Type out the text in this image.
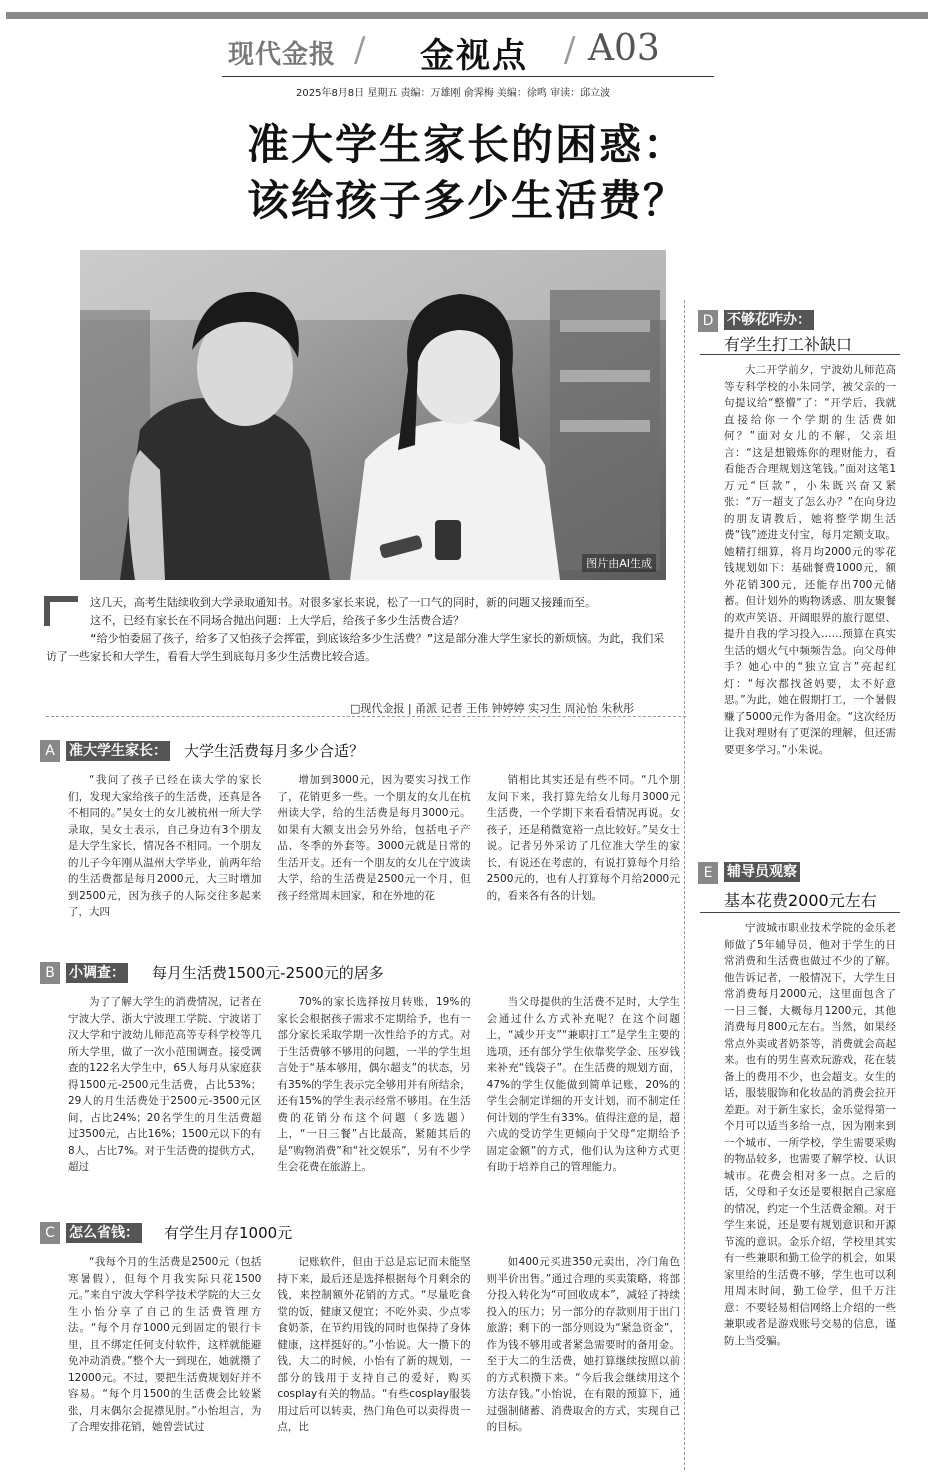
现代金报 / 金视点 / A03
2025年8月8日 星期五 责编：万雄刚 俞霁梅 美编：徐鸣 审读：邱立波
准大学生家长的困惑：
该给孩子多少生活费？
图片由AI生成

这几天，高考生陆续收到大学录取通知书。对很多家长来说，松了一口气的同时，新的问题又接踵而至。

这不，已经有家长在不同场合抛出问题：上大学后，给孩子多少生活费合适？

“给少怕委屈了孩子，给多了又怕孩子会挥霍，到底该给多少生活费？”这是部分准大学生家长的新烦恼。为此，我们采访了一些家长和大学生，看看大学生到底每月多少生活费比较合适。

□现代金报 | 甬派 记者 王伟 钟婷婷 实习生 周沁怡 朱秋彤
A	准大学生家长： 大学生活费每月多少合适？

“我问了孩子已经在读大学的家长们，发现大家给孩子的生活费，还真是各不相同的。”吴女士的女儿被杭州一所大学录取，吴女士表示，自己身边有3个朋友是大学生家长，情况各不相同。一个朋友的儿子今年刚从温州大学毕业，前两年给的生活费都是每月2000元，大三时增加到2500元，因为孩子的人际交往多起来了，大四

增加到3000元，因为要实习找工作了，花销更多一些。一个朋友的女儿在杭州读大学，给的生活费是每月3000元。如果有大额支出会另外给，包括电子产品、冬季的外套等。3000元就是日常的生活开支。还有一个朋友的女儿在宁波读大学，给的生活费是2500元一个月，但孩子经常周末回家，和在外地的花

销相比其实还是有些不同。“几个朋友问下来，我打算先给女儿每月3000元生活费，一个学期下来看看情况再说。女孩子，还是稍微宽裕一点比较好。”吴女士说。记者另外采访了几位准大学生的家长，有说还在考虑的，有说打算每个月给2500元的，也有人打算每个月给2000元的，看来各有各的计划。

B	小调查： 每月生活费1500元-2500元的居多

为了了解大学生的消费情况，记者在宁波大学、浙大宁波理工学院、宁波诺丁汉大学和宁波幼儿师范高等专科学校等几所大学里，做了一次小范围调查。接受调查的122名大学生中，65人每月从家庭获得1500元-2500元生活费，占比53%；29人的月生活费处于2500元-3500元区间，占比24%；20名学生的月生活费超过3500元，占比16%；1500元以下的有8人，占比7%。对于生活费的提供方式，超过

70%的家长选择按月转账，19%的家长会根据孩子需求不定期给予，也有一部分家长采取学期一次性给予的方式。对于生活费够不够用的问题，一半的学生坦言处于“基本够用，偶尔超支”的状态，另有35%的学生表示完全够用并有所结余，还有15%的学生表示经常不够用。在生活费的花销分布这个问题（多选题）上，“一日三餐”占比最高，紧随其后的是“购物消费”和“社交娱乐”，另有不少学生会花费在旅游上。

当父母提供的生活费不足时，大学生会通过什么方式补充呢？在这个问题上，“减少开支”“兼职打工”是学生主要的选项，还有部分学生依靠奖学金、压岁钱来补充“钱袋子”。在生活费的规划方面，47%的学生仅能做到简单记账，20%的学生会制定详细的开支计划，而不制定任何计划的学生有33%。值得注意的是，超六成的受访学生更倾向于父母“定期给予固定金额”的方式，他们认为这种方式更有助于培养自己的管理能力。

C	怎么省钱： 有学生月存1000元

“我每个月的生活费是2500元（包括寒暑假），但每个月我实际只花1500元。”来自宁波大学科学技术学院的大三女生小怡分享了自己的生活费管理方法。“每个月存1000元到固定的银行卡里，且不绑定任何支付软件，这样就能避免冲动消费。”整个大一到现在，她就攒了12000元。不过，要把生活费规划好并不容易。“每个月1500的生活费会比较紧张，月末偶尔会捉襟见肘。”小怡坦言，为了合理安排花销，她曾尝试过

记账软件，但由于总是忘记而未能坚持下来，最后还是选择根据每个月剩余的钱，来控制额外花销的方式。“尽量吃食堂的饭，健康又便宜；不吃外卖、少点零食奶茶，在节约用钱的同时也保持了身体健康，这样挺好的。”小怡说。大一攒下的钱，大二的时候，小怡有了新的规划，一部分的钱用于支持自己的爱好，购买cosplay有关的物品。“有些cosplay服装用过后可以转卖，热门角色可以卖得贵一点，比

如400元买进350元卖出，冷门角色则半价出售。”通过合理的买卖策略，将部分投入转化为“可回收成本”，减轻了持续投入的压力；另一部分的存款则用于出门旅游；剩下的一部分则设为“紧急资金”，作为钱不够用或者紧急需要时的备用金。至于大二的生活费，她打算继续按照以前的方式积攒下来。“今后我会继续用这个方法存钱。”小怡说，在有限的预算下，通过强制储蓄、消费取舍的方式，实现自己的目标。

D 不够花咋办：
有学生打工补缺口

大二开学前夕，宁波幼儿师范高等专科学校的小朱同学，被父亲的一句提议给“整懵”了：“开学后，我就直接给你一个学期的生活费如何？”面对女儿的不解，父亲坦言：“这是想锻炼你的理财能力，看看能否合理规划这笔钱。”面对这笔1万元“巨款”，小朱既兴奋又紧张：“万一超支了怎么办？”在向身边的朋友请教后，她将整学期生活费“钱”迹进支付宝，每月定额支取。她精打细算，将月均2000元的零花钱规划如下：基础餐费1000元，额外花销300元，还能存出700元储蓄。但计划外的购物诱惑、朋友聚餐的欢声笑语、开阔眼界的旅行愿望、提升自我的学习投入……预算在真实生活的烟火气中频频告急。向父母伸手？她心中的“独立宣言”亮起红灯：“每次都找爸妈要，太不好意思。”为此，她在假期打工，一个暑假赚了5000元作为备用金。“这次经历让我对理财有了更深的理解，但还需要更多学习。”小朱说。

E	辅导员观察
基本花费2000元左右

宁波城市职业技术学院的金乐老师做了5年辅导员，他对于学生的日常消费和生活费也做过不少的了解。他告诉记者，一般情况下，大学生日常消费每月2000元，这里面包含了一日三餐，大概每月1200元，其他消费每月800元左右。当然，如果经常点外卖或者奶茶等，消费就会高起来。也有的男生喜欢玩游戏，花在装备上的费用不少，也会超支。女生的话，服装服饰和化妆品的消费会拉开差距。对于新生家长，金乐觉得第一个月可以适当多给一点，因为刚来到一个城市、一所学校，学生需要采购的物品较多，也需要了解学校、认识城市。花费会相对多一点。之后的话，父母和子女还是要根据自己家庭的情况，约定一个生活费金额。对于学生来说，还是要有规划意识和开源节流的意识。金乐介绍，学校里其实有一些兼职和勤工俭学的机会，如果家里给的生活费不够，学生也可以利用周末时间，勤工俭学，但千万注意：不要轻易相信网络上介绍的一些兼职或者是游戏账号交易的信息，谨防上当受骗。
